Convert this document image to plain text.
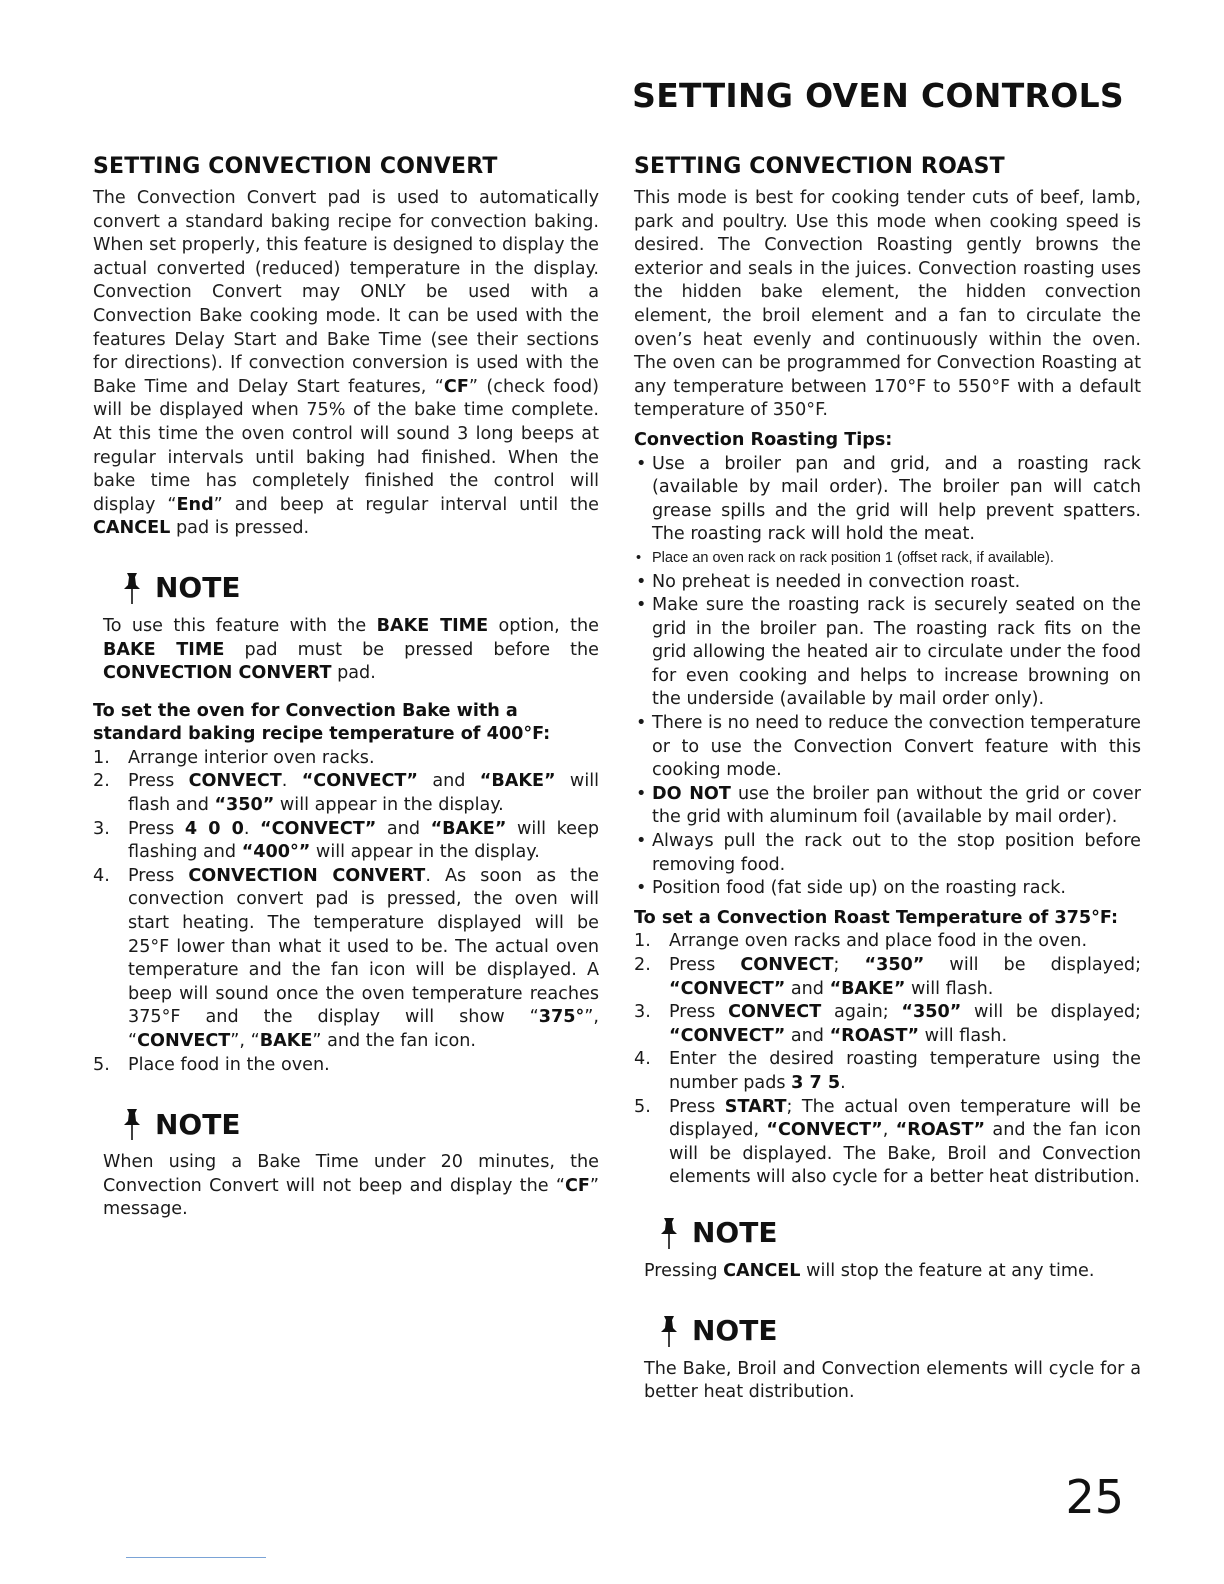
SETTING OVEN CONTROLS
SETTING CONVECTION CONVERT

The Convection Convert pad is used to automatically convert a standard baking recipe for convection baking. When set properly, this feature is designed to display the actual converted (reduced) temperature in the display. Convection Convert may ONLY be used with a Convection Bake cooking mode. It can be used with the features Delay Start and Bake Time (see their sections for directions). If convection conversion is used with the Bake Time and Delay Start features, “CF” (check food) will be displayed when 75% of the bake time complete. At this time the oven control will sound 3 long beeps at regular intervals until baking had finished. When the bake time has completely finished the control will display “End” and beep at regular interval until the CANCEL pad is pressed.

NOTE
To use this feature with the BAKE TIME option, the BAKE TIME pad must be pressed before the CONVECTION CONVERT pad.

To set the oven for Convection Bake with a standard baking recipe temperature of 400°F:

1. Arrange interior oven racks.
2. Press CONVECT. “CONVECT” and “BAKE” will flash and “350” will appear in the display.
3. Press 4 0 0. “CONVECT” and “BAKE” will keep flashing and “400°” will appear in the display.
4. Press CONVECTION CONVERT. As soon as the convection convert pad is pressed, the oven will start heating. The temperature displayed will be 25°F lower than what it used to be. The actual oven temperature and the fan icon will be displayed. A beep will sound once the oven temperature reaches 375°F and the display will show “375°”, “CONVECT”, “BAKE” and the fan icon.
5. Place food in the oven.
NOTE
When using a Bake Time under 20 minutes, the Convection Convert will not beep and display the “CF” message.
SETTING CONVECTION ROAST

This mode is best for cooking tender cuts of beef, lamb, park and poultry. Use this mode when cooking speed is desired. The Convection Roasting gently browns the exterior and seals in the juices. Convection roasting uses the hidden bake element, the hidden convection element, the broil element and a fan to circulate the oven’s heat evenly and continuously within the oven. The oven can be programmed for Convection Roasting at any temperature between 170°F to 550°F with a default temperature of 350°F.

Convection Roasting Tips:

• Use a broiler pan and grid, and a roasting rack (available by mail order). The broiler pan will catch grease spills and the grid will help prevent spatters. The roasting rack will hold the meat.
• Place an oven rack on rack position 1 (offset rack, if available).
• No preheat is needed in convection roast.
• Make sure the roasting rack is securely seated on the grid in the broiler pan. The roasting rack fits on the grid allowing the heated air to circulate under the food for even cooking and helps to increase browning on the underside (available by mail order only).
• There is no need to reduce the convection temperature or to use the Convection Convert feature with this cooking mode.
• DO NOT use the broiler pan without the grid or cover the grid with aluminum foil (available by mail order).
• Always pull the rack out to the stop position before removing food.
• Position food (fat side up) on the roasting rack.

To set a Convection Roast Temperature of 375°F:

1. Arrange oven racks and place food in the oven.
2. Press CONVECT; “350” will be displayed; “CONVECT” and “BAKE” will flash.
3. Press CONVECT again; “350” will be displayed; “CONVECT” and “ROAST” will flash.
4. Enter the desired roasting temperature using the number pads 3 7 5.
5. Press START; The actual oven temperature will be displayed, “CONVECT”, “ROAST” and the fan icon will be displayed. The Bake, Broil and Convection elements will also cycle for a better heat distribution.
NOTE
Pressing CANCEL will stop the feature at any time.
NOTE
The Bake, Broil and Convection elements will cycle for a better heat distribution.
25
